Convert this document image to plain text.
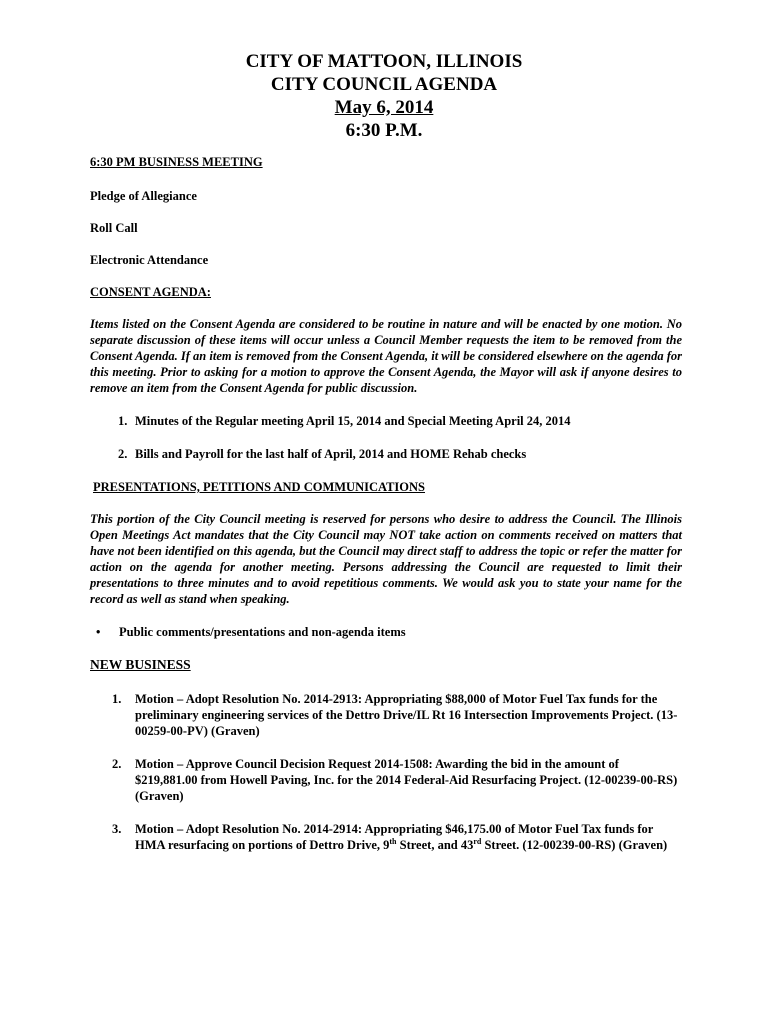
CITY OF MATTOON, ILLINOIS
CITY COUNCIL AGENDA
May 6, 2014
6:30 P.M.

6:30 PM BUSINESS MEETING

Pledge of Allegiance

Roll Call

Electronic Attendance

CONSENT AGENDA:

Items listed on the Consent Agenda are considered to be routine in nature and will be enacted by one motion. No separate discussion of these items will occur unless a Council Member requests the item to be removed from the Consent Agenda. If an item is removed from the Consent Agenda, it will be considered elsewhere on the agenda for this meeting. Prior to asking for a motion to approve the Consent Agenda, the Mayor will ask if anyone desires to remove an item from the Consent Agenda for public discussion.

1. Minutes of the Regular meeting April 15, 2014 and Special Meeting April 24, 2014
2. Bills and Payroll for the last half of April, 2014 and HOME Rehab checks

PRESENTATIONS, PETITIONS AND COMMUNICATIONS

This portion of the City Council meeting is reserved for persons who desire to address the Council. The Illinois Open Meetings Act mandates that the City Council may NOT take action on comments received on matters that have not been identified on this agenda, but the Council may direct staff to address the topic or refer the matter for action on the agenda for another meeting. Persons addressing the Council are requested to limit their presentations to three minutes and to avoid repetitious comments. We would ask you to state your name for the record as well as stand when speaking.

• Public comments/presentations and non-agenda items

NEW BUSINESS

1. Motion – Adopt Resolution No. 2014-2913: Appropriating $88,000 of Motor Fuel Tax funds for the preliminary engineering services of the Dettro Drive/IL Rt 16 Intersection Improvements Project. (13-00259-00-PV) (Graven)
2. Motion – Approve Council Decision Request 2014-1508: Awarding the bid in the amount of $219,881.00 from Howell Paving, Inc. for the 2014 Federal-Aid Resurfacing Project. (12-00239-00-RS) (Graven)
3. Motion – Adopt Resolution No. 2014-2914: Appropriating $46,175.00 of Motor Fuel Tax funds for HMA resurfacing on portions of Dettro Drive, 9th Street, and 43rd Street. (12-00239-00-RS) (Graven)
